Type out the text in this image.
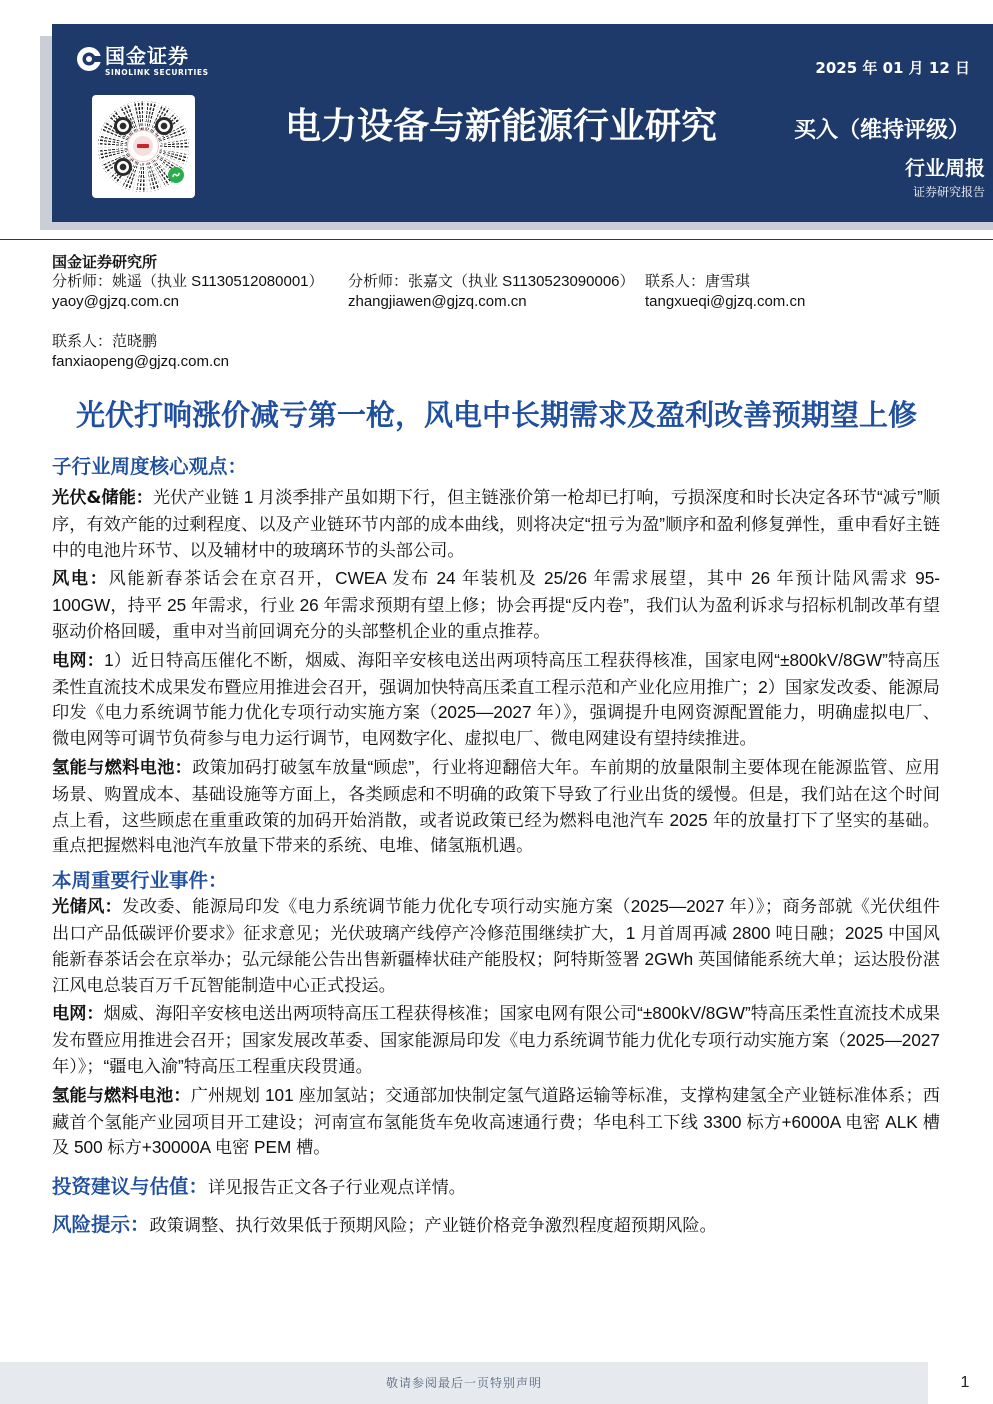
国金证券
SINOLINK SECURITIES	2025 年 01 月 12 日
电力设备与新能源行业研究	买入（维持评级）
行业周报
证券研究报告
国金证券研究所
分析师：姚遥（执业 S1130512080001）
yaoy@gjzq.com.cn
分析师：张嘉文（执业 S1130523090006）
zhangjiawen@gjzq.com.cn
联系人：唐雪琪
tangxueqi@gjzq.com.cn
联系人：范晓鹏
fanxiaopeng@gjzq.com.cn
光伏打响涨价减亏第一枪，风电中长期需求及盈利改善预期望上修
子行业周度核心观点：

光伏&储能：光伏产业链 1 月淡季排产虽如期下行，但主链涨价第一枪却已打响，亏损深度和时长决定各环节“减亏”顺序，有效产能的过剩程度、以及产业链环节内部的成本曲线，则将决定“扭亏为盈”顺序和盈利修复弹性，重申看好主链中的电池片环节、以及辅材中的玻璃环节的头部公司。

风电：风能新春茶话会在京召开，CWEA 发布 24 年装机及 25/26 年需求展望，其中 26 年预计陆风需求 95-100GW，持平 25 年需求，行业 26 年需求预期有望上修；协会再提“反内卷”，我们认为盈利诉求与招标机制改革有望驱动价格回暖，重申对当前回调充分的头部整机企业的重点推荐。

电网：1）近日特高压催化不断，烟威、海阳辛安核电送出两项特高压工程获得核准，国家电网“±800kV/8GW”特高压柔性直流技术成果发布暨应用推进会召开，强调加快特高压柔直工程示范和产业化应用推广；2）国家发改委、能源局印发《电力系统调节能力优化专项行动实施方案（2025—2027 年）》，强调提升电网资源配置能力，明确虚拟电厂、微电网等可调节负荷参与电力运行调节，电网数字化、虚拟电厂、微电网建设有望持续推进。

氢能与燃料电池：政策加码打破氢车放量“顾虑”，行业将迎翻倍大年。车前期的放量限制主要体现在能源监管、应用场景、购置成本、基础设施等方面上，各类顾虑和不明确的政策下导致了行业出货的缓慢。但是，我们站在这个时间点上看，这些顾虑在重重政策的加码开始消散，或者说政策已经为燃料电池汽车 2025 年的放量打下了坚实的基础。重点把握燃料电池汽车放量下带来的系统、电堆、储氢瓶机遇。

本周重要行业事件：

光储风：发改委、能源局印发《电力系统调节能力优化专项行动实施方案（2025—2027 年）》；商务部就《光伏组件出口产品低碳评价要求》征求意见；光伏玻璃产线停产冷修范围继续扩大，1 月首周再减 2800 吨日融；2025 中国风能新春茶话会在京举办；弘元绿能公告出售新疆棒状硅产能股权；阿特斯签署 2GWh 英国储能系统大单；运达股份湛江风电总装百万千瓦智能制造中心正式投运。

电网：烟威、海阳辛安核电送出两项特高压工程获得核准；国家电网有限公司“±800kV/8GW”特高压柔性直流技术成果发布暨应用推进会召开；国家发展改革委、国家能源局印发《电力系统调节能力优化专项行动实施方案（2025—2027 年）》；“疆电入渝”特高压工程重庆段贯通。

氢能与燃料电池：广州规划 101 座加氢站；交通部加快制定氢气道路运输等标准，支撑构建氢全产业链标准体系；西藏首个氢能产业园项目开工建设；河南宣布氢能货车免收高速通行费；华电科工下线 3300 标方+6000A 电密 ALK 槽及 500 标方+30000A 电密 PEM 槽。

投资建议与估值：详见报告正文各子行业观点详情。
风险提示：政策调整、执行效果低于预期风险；产业链价格竞争激烈程度超预期风险。
敬请参阅最后一页特别声明	1
